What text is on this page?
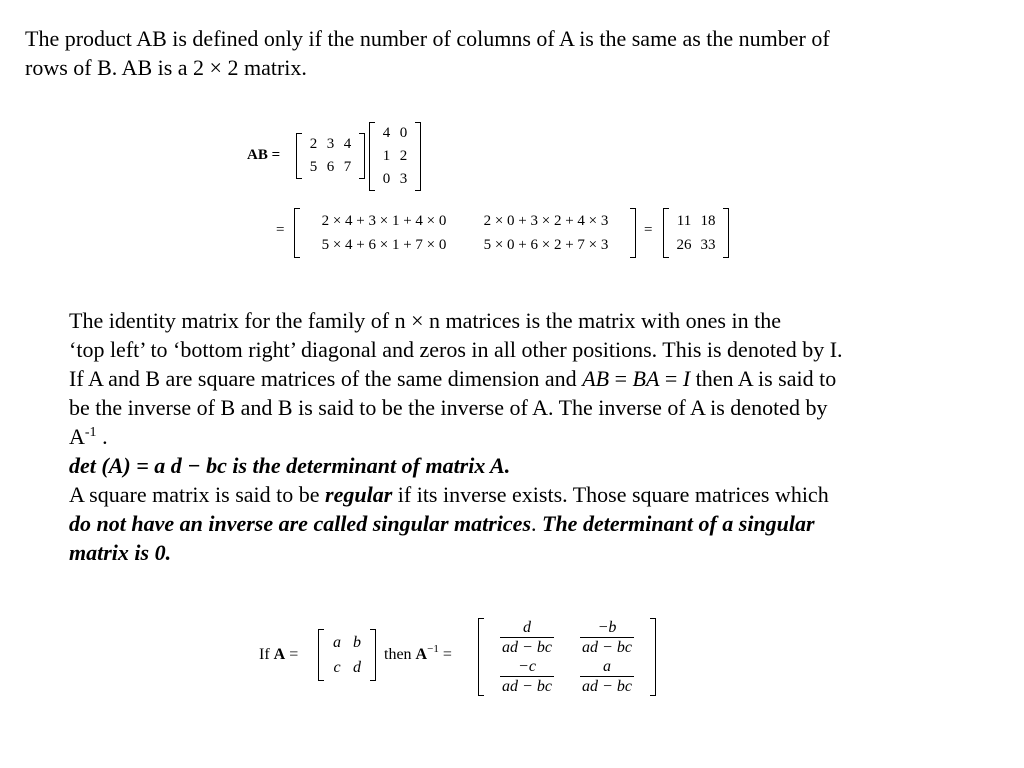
The product AB is defined only if the number of columns of A is the same as the number of
rows of B. AB is a 2 × 2 matrix.

AB =
2 3 4
5 6 7
4 0
1 2
0 3
=
2 × 4 + 3 × 1 + 4 × 0	2 × 0 + 3 × 2 + 4 × 3
5 × 4 + 6 × 1 + 7 × 0	5 × 0 + 6 × 2 + 7 × 3
=
11 18
26 33

The identity matrix for the family of n × n matrices is the matrix with ones in the
‘top left’ to ‘bottom right’ diagonal and zeros in all other positions. This is denoted by I.
If A and B are square matrices of the same dimension and AB = BA = I then A is said to
be the inverse of B and B is said to be the inverse of A. The inverse of A is denoted by
$A^{-1}$ .
det (A) = a d − bc is the determinant of matrix A.
A square matrix is said to be regular if its inverse exists. Those square matrices which
do not have an inverse are called singular matrices. The determinant of a singular
matrix is 0.

If A =
a b
c d
then $A^{-1} = \frac{d}{ad - bc} \frac{-b}{ad - bc}$
$\frac{-c}{ad - bc} \frac{a}{ad - bc}$
